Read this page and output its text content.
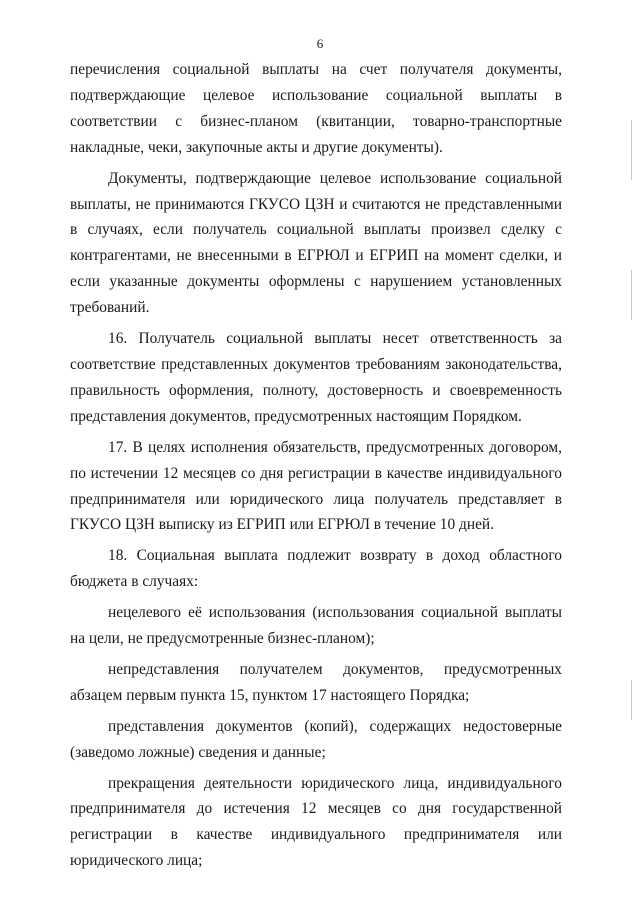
6

перечисления социальной выплаты на счет получателя документы, подтверждающие целевое использование социальной выплаты в соответствии с бизнес-планом (квитанции, товарно-транспортные накладные, чеки, закупочные акты и другие документы).

Документы, подтверждающие целевое использование социальной выплаты, не принимаются ГКУСО ЦЗН и считаются не представленными в случаях, если получатель социальной выплаты произвел сделку с контрагентами, не внесенными в ЕГРЮЛ и ЕГРИП на момент сделки, и если указанные документы оформлены с нарушением установленных требований.

16. Получатель социальной выплаты несет ответственность за соответствие представленных документов требованиям законодательства, правильность оформления, полноту, достоверность и своевременность представления документов, предусмотренных настоящим Порядком.

17. В целях исполнения обязательств, предусмотренных договором, по истечении 12 месяцев со дня регистрации в качестве индивидуального предпринимателя или юридического лица получатель представляет в ГКУСО ЦЗН выписку из ЕГРИП или ЕГРЮЛ в течение 10 дней.

18. Социальная выплата подлежит возврату в доход областного бюджета в случаях:

нецелевого её использования (использования социальной выплаты на цели, не предусмотренные бизнес-планом);

непредставления получателем документов, предусмотренных абзацем первым пункта 15, пунктом 17 настоящего Порядка;

представления документов (копий), содержащих недостоверные (заведомо ложные) сведения и данные;

прекращения деятельности юридического лица, индивидуального предпринимателя до истечения 12 месяцев со дня государственной регистрации в качестве индивидуального предпринимателя или юридического лица;
